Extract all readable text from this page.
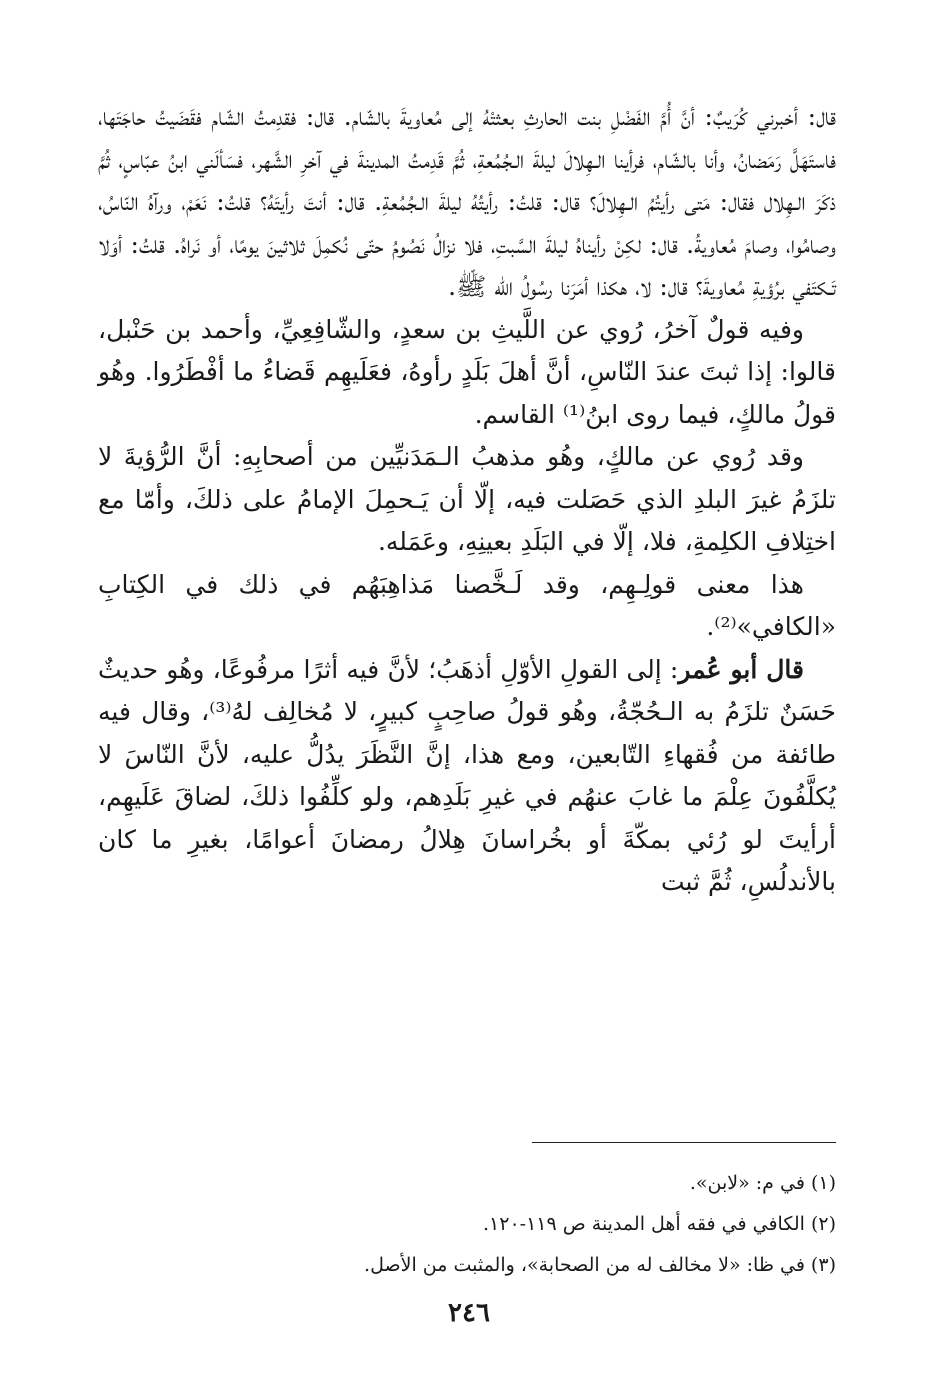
قال: أخبرني كُرَيبٌ: أنَّ أُمَّ الفَضْلِ بنت الحارثِ بعثتْهُ إلى مُعاويةَ بالشّام. قال: فقدِمتُ الشّام فقَضَيتُ حاجَتَها، فاستَهَلَّ رَمَضانُ، وأنا بالشّام، فرأينا الـهِلالَ ليلةَ الـجُمُعةِ، ثُمَّ قَدِمتُ المدينةَ في آخرِ الشَّهر، فسَألَني ابنُ عبّاسٍ، ثُمَّ ذكَرَ الـهِلال فقال: مَتى رأيتُمُ الـهِلالَ؟ قال: قلتُ: رأيتُهُ ليلةَ الـجُمُعةِ. قال: أنتَ رأيتَهُ؟ قلتُ: نَعَمْ، ورآهُ النّاسُ، وصامُوا، وصامَ مُعاويةُ. قال: لكِنْ رأيناهُ ليلةَ السَّبتِ، فلا نزالُ نَصُومُ حتّى نُكمِلَ ثلاثينَ يومًا، أو نَراهُ. قلتُ: أوَلا تَـكتَفي برُؤيةِ مُعاويةَ؟ قال: لا، هكذا أمَرَنا رسُولُ الله ﷺ.

وفيه قولٌ آخرُ، رُوي عن اللَّيثِ بن سعدٍ، والشّافِعِيِّ، وأحمد بن حَنْبل، قالوا: إذا ثبتَ عندَ النّاسِ، أنَّ أهلَ بَلَدٍ رأوهُ، فعَلَيهِم قَضاءُ ما أفْطَرُوا. وهُو قولُ مالكٍ، فيما روى ابنُ⁽¹⁾ القاسم.

وقد رُوي عن مالكٍ، وهُو مذهبُ الـمَدَنيِّين من أصحابِهِ: أنَّ الرُّؤيةَ لا تلزَمُ غيرَ البلدِ الذي حَصَلت فيه، إلّا أن يَـحمِلَ الإمامُ على ذلكَ، وأمّا مع اختِلافِ الكلِمةِ، فلا، إلّا في البَلَدِ بعينِهِ، وعَمَله.

هذا معنى قولِـهِم، وقد لَـخَّصنا مَذاهِبَهُم في ذلك في الكِتابِ «الكافي»⁽²⁾.

قال أبو عُمر: إلى القولِ الأوّلِ أذهَبُ؛ لأنَّ فيه أثرًا مرفُوعًا، وهُو حديثٌ حَسَنٌ تلزَمُ به الـحُجّةُ، وهُو قولُ صاحِبٍ كبيرٍ، لا مُخالِف لهُ⁽³⁾، وقال فيه طائفة من فُقهاءِ التّابعين، ومع هذا، إنَّ النَّظَرَ يدُلُّ عليه، لأنَّ النّاسَ لا يُكلَّفُونَ عِلْمَ ما غابَ عنهُم في غيرِ بَلَدِهم، ولو كلِّفُوا ذلكَ، لضاقَ عَلَيهِم، أرأيتَ لو رُئي بمكّةَ أو بخُراسانَ هِلالُ رمضانَ أعوامًا، بغيرِ ما كان بالأندلُسِ، ثُمَّ ثبت

(١) في م: «لابن».

(٢) الكافي في فقه أهل المدينة ص ١١٩-١٢٠.

(٣) في ظا: «لا مخالف له من الصحابة»، والمثبت من الأصل.

٢٤٦
